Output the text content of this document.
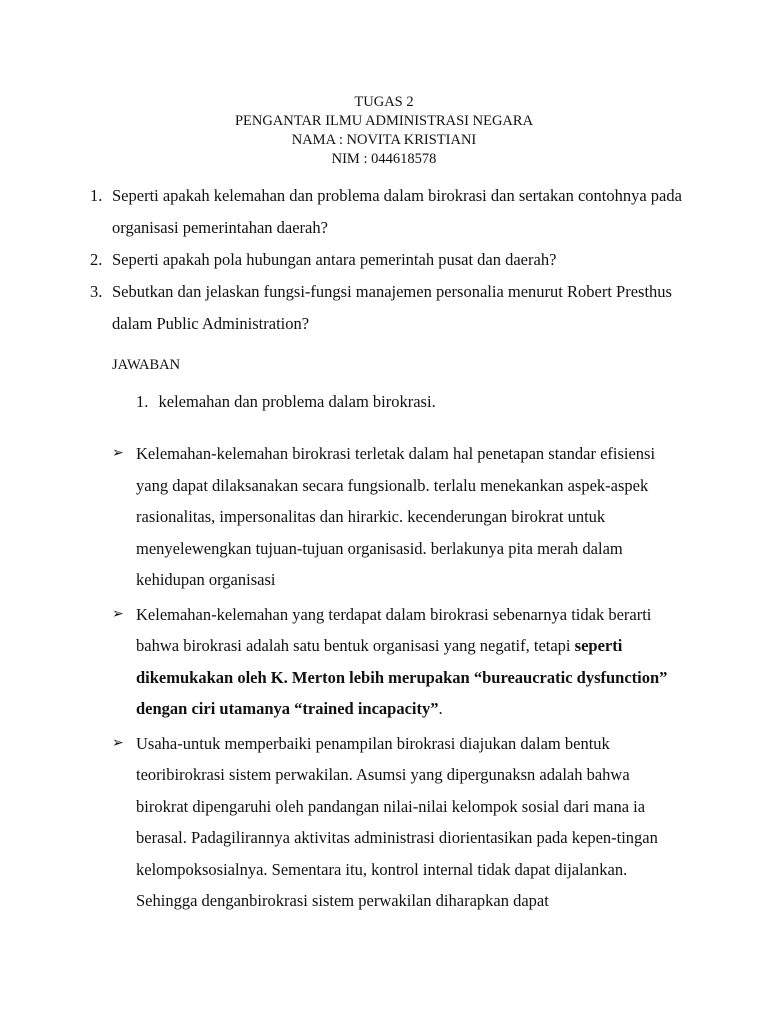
TUGAS 2
PENGANTAR ILMU ADMINISTRASI NEGARA
NAMA : NOVITA KRISTIANI
NIM : 044618578
1. Seperti apakah kelemahan dan problema dalam birokrasi dan sertakan contohnya pada organisasi pemerintahan daerah?
2. Seperti apakah pola hubungan antara pemerintah pusat dan daerah?
3. Sebutkan dan jelaskan fungsi-fungsi manajemen personalia menurut Robert Presthus dalam Public Administration?
JAWABAN
1. kelemahan dan problema dalam birokrasi.
➢ Kelemahan-kelemahan birokrasi terletak dalam hal penetapan standar efisiensi yang dapat dilaksanakan secara fungsionalb. terlalu menekankan aspek-aspek rasionalitas, impersonalitas dan hirarkic. kecenderungan birokrat untuk menyelewengkan tujuan-tujuan organisasid. berlakunya pita merah dalam kehidupan organisasi
➢ Kelemahan-kelemahan yang terdapat dalam birokrasi sebenarnya tidak berarti bahwa birokrasi adalah satu bentuk organisasi yang negatif, tetapi seperti dikemukakan oleh K. Merton lebih merupakan “bureaucratic dysfunction” dengan ciri utamanya “trained incapacity”.
➢ Usaha-untuk memperbaiki penampilan birokrasi diajukan dalam bentuk teoribirokrasi sistem perwakilan. Asumsi yang dipergunaksn adalah bahwa birokrat dipengaruhi oleh pandangan nilai-nilai kelompok sosial dari mana ia berasal. Padagilirannya aktivitas administrasi diorientasikan pada kepen-tingan kelompoksosialnya. Sementara itu, kontrol internal tidak dapat dijalankan. Sehingga denganbirokrasi sistem perwakilan diharapkan dapat
